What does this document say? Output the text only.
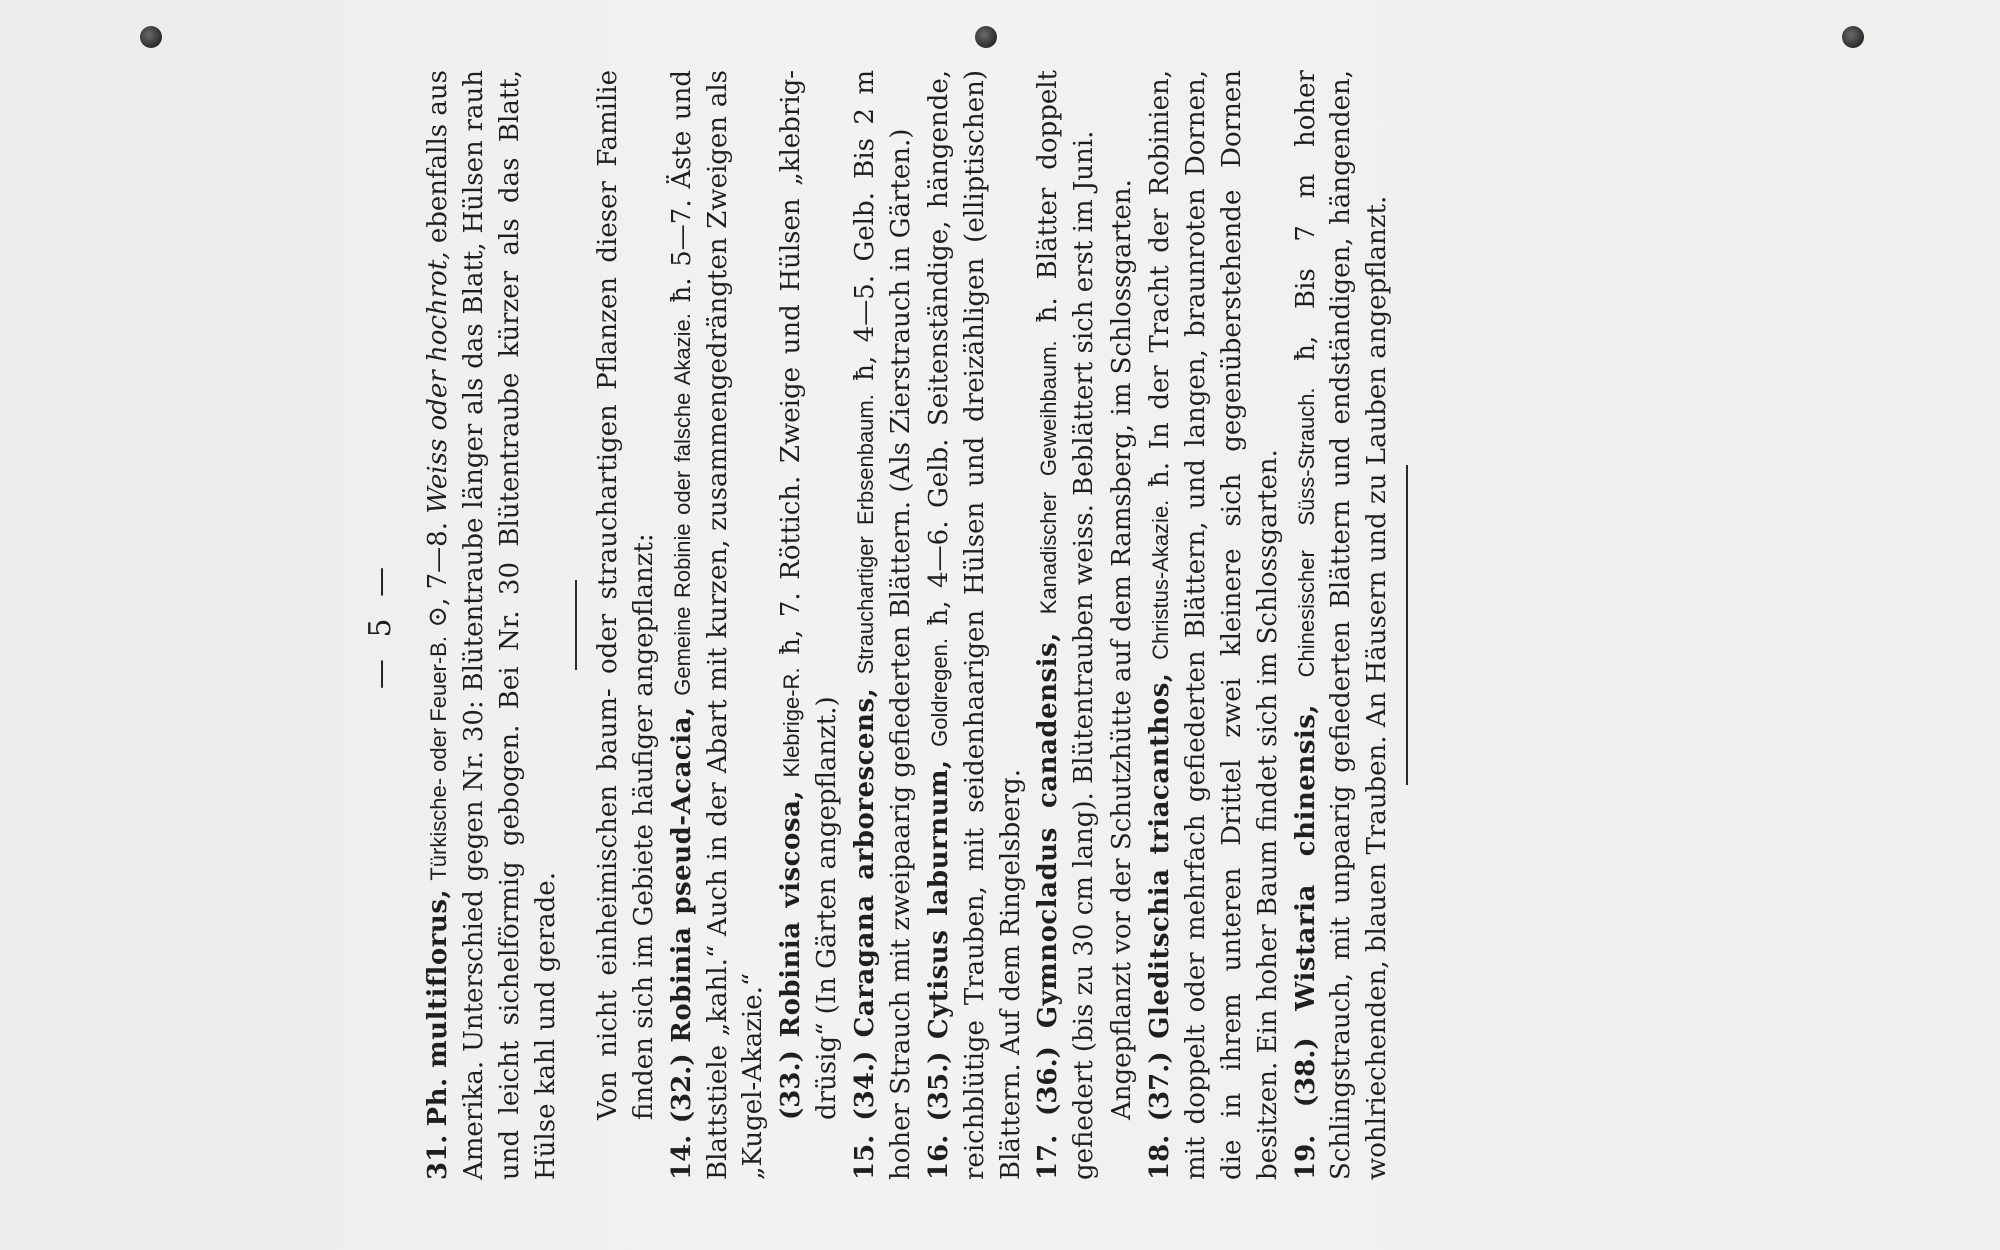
— 5 —

31. Ph. multiflorus, Türkische- oder Feuer-B. ⊙, 7—8. Weiss oder hochrot, ebenfalls aus Amerika. Unterschied gegen Nr. 30: Blütentraube länger als das Blatt, Hülsen rauh und leicht sichelförmig gebogen. Bei Nr. 30 Blütentraube kürzer als das Blatt, Hülse kahl und gerade. Von nicht einheimischen baum- oder strauchartigen Pflanzen dieser Familie finden sich im Gebiete häufiger angepflanzt: 14. (32.) Robinia pseud-Acacia, Gemeine Robinie oder falsche Akazie. ħ. 5—7. Äste und Blattstiele „kahl.“ Auch in der Abart mit kurzen, zusammengedrängten Zweigen als „Kugel-Akazie.“ (33.) Robinia viscosa, Klebrige-R. ħ, 7. Röttich. Zweige und Hülsen „klebrig-drüsig“ (In Gärten angepflanzt.) 15. (34.) Caragana arborescens, Strauchartiger Erbsenbaum. ħ, 4—5. Gelb. Bis 2 m hoher Strauch mit zweipaarig gefiederten Blättern. (Als Zierstrauch in Gärten.) 16. (35.) Cytisus laburnum, Goldregen. ħ, 4—6. Gelb. Seitenständige, hängende, reichblütige Trauben, mit seidenhaarigen Hülsen und dreizähligen (elliptischen) Blättern. Auf dem Ringelsberg. 17. (36.) Gymnocladus canadensis, Kanadischer Geweihbaum. ħ. Blätter doppelt gefiedert (bis zu 30 cm lang). Blütentrauben weiss. Beblättert sich erst im Juni. Angepflanzt vor der Schutzhütte auf dem Ramsberg, im Schlossgarten. 18. (37.) Gleditschia triacanthos, Christus-Akazie. ħ. In der Tracht der Robinien, mit doppelt oder mehrfach gefiederten Blättern, und langen, braunroten Dornen, die in ihrem unteren Drittel zwei kleinere sich gegenüberstehende Dornen besitzen. Ein hoher Baum findet sich im Schlossgarten. 19. (38.) Wistaria chinensis, Chinesischer Süss-Strauch. ħ, Bis 7 m hoher Schlingstrauch, mit unpaarig gefiederten Blättern und endständigen, hängenden, wohlriechenden, blauen Trauben. An Häusern und zu Lauben angepflanzt.
